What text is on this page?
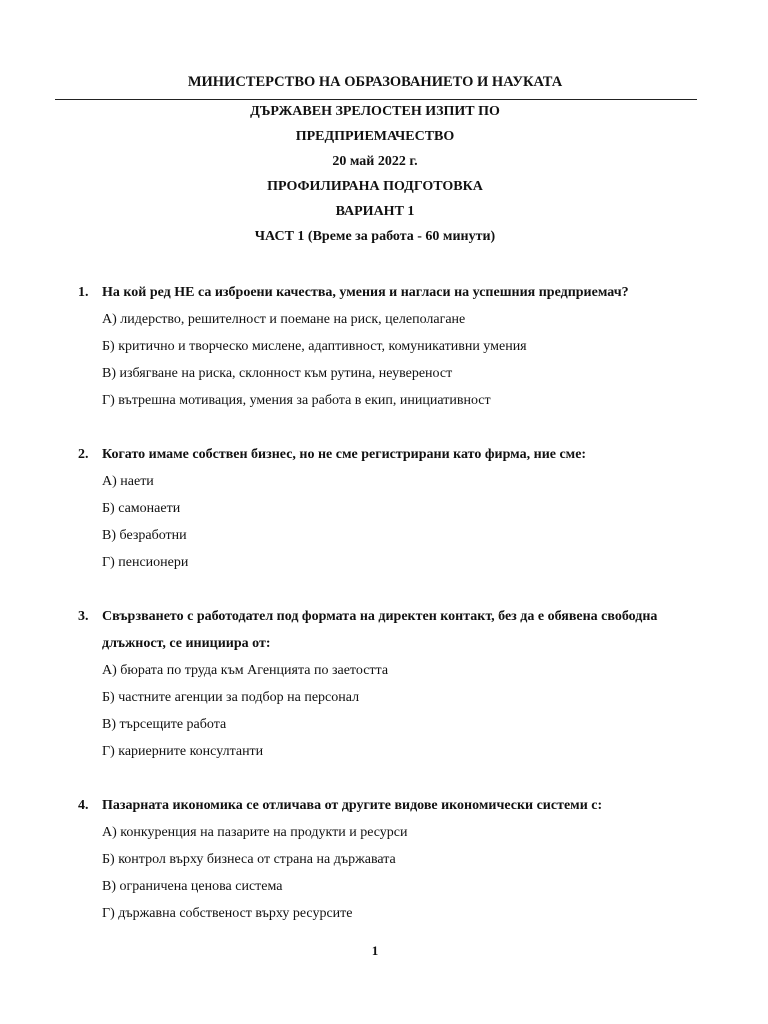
МИНИСТЕРСТВО НА ОБРАЗОВАНИЕТО И НАУКАТА
ДЪРЖАВЕН ЗРЕЛОСТЕН ИЗПИТ ПО
ПРЕДПРИЕМАЧЕСТВО
20 май 2022 г.
ПРОФИЛИРАНА ПОДГОТОВКА
ВАРИАНТ 1
ЧАСТ 1 (Време за работа - 60 минути)
1. На кой ред НЕ са изброени качества, умения и нагласи на успешния предприемач?
А) лидерство, решителност и поемане на риск, целеполагане
Б) критично и творческо мислене, адаптивност, комуникативни умения
В) избягване на риска, склонност към рутина, неувереност
Г) вътрешна мотивация, умения за работа в екип, инициативност
2. Когато имаме собствен бизнес, но не сме регистрирани като фирма, ние сме:
А) наети
Б) самонаети
В) безработни
Г) пенсионери
3. Свързването с работодател под формата на директен контакт, без да е обявена свободна длъжност, се инициира от:
А) бюрата по труда към Агенцията по заетостта
Б) частните агенции за подбор на персонал
В) търсещите работа
Г) кариерните консултанти
4. Пазарната икономика се отличава от другите видове икономически системи с:
А) конкуренция на пазарите на продукти и ресурси
Б) контрол върху бизнеса от страна на държавата
В) ограничена ценова система
Г) държавна собственост върху ресурсите
1
